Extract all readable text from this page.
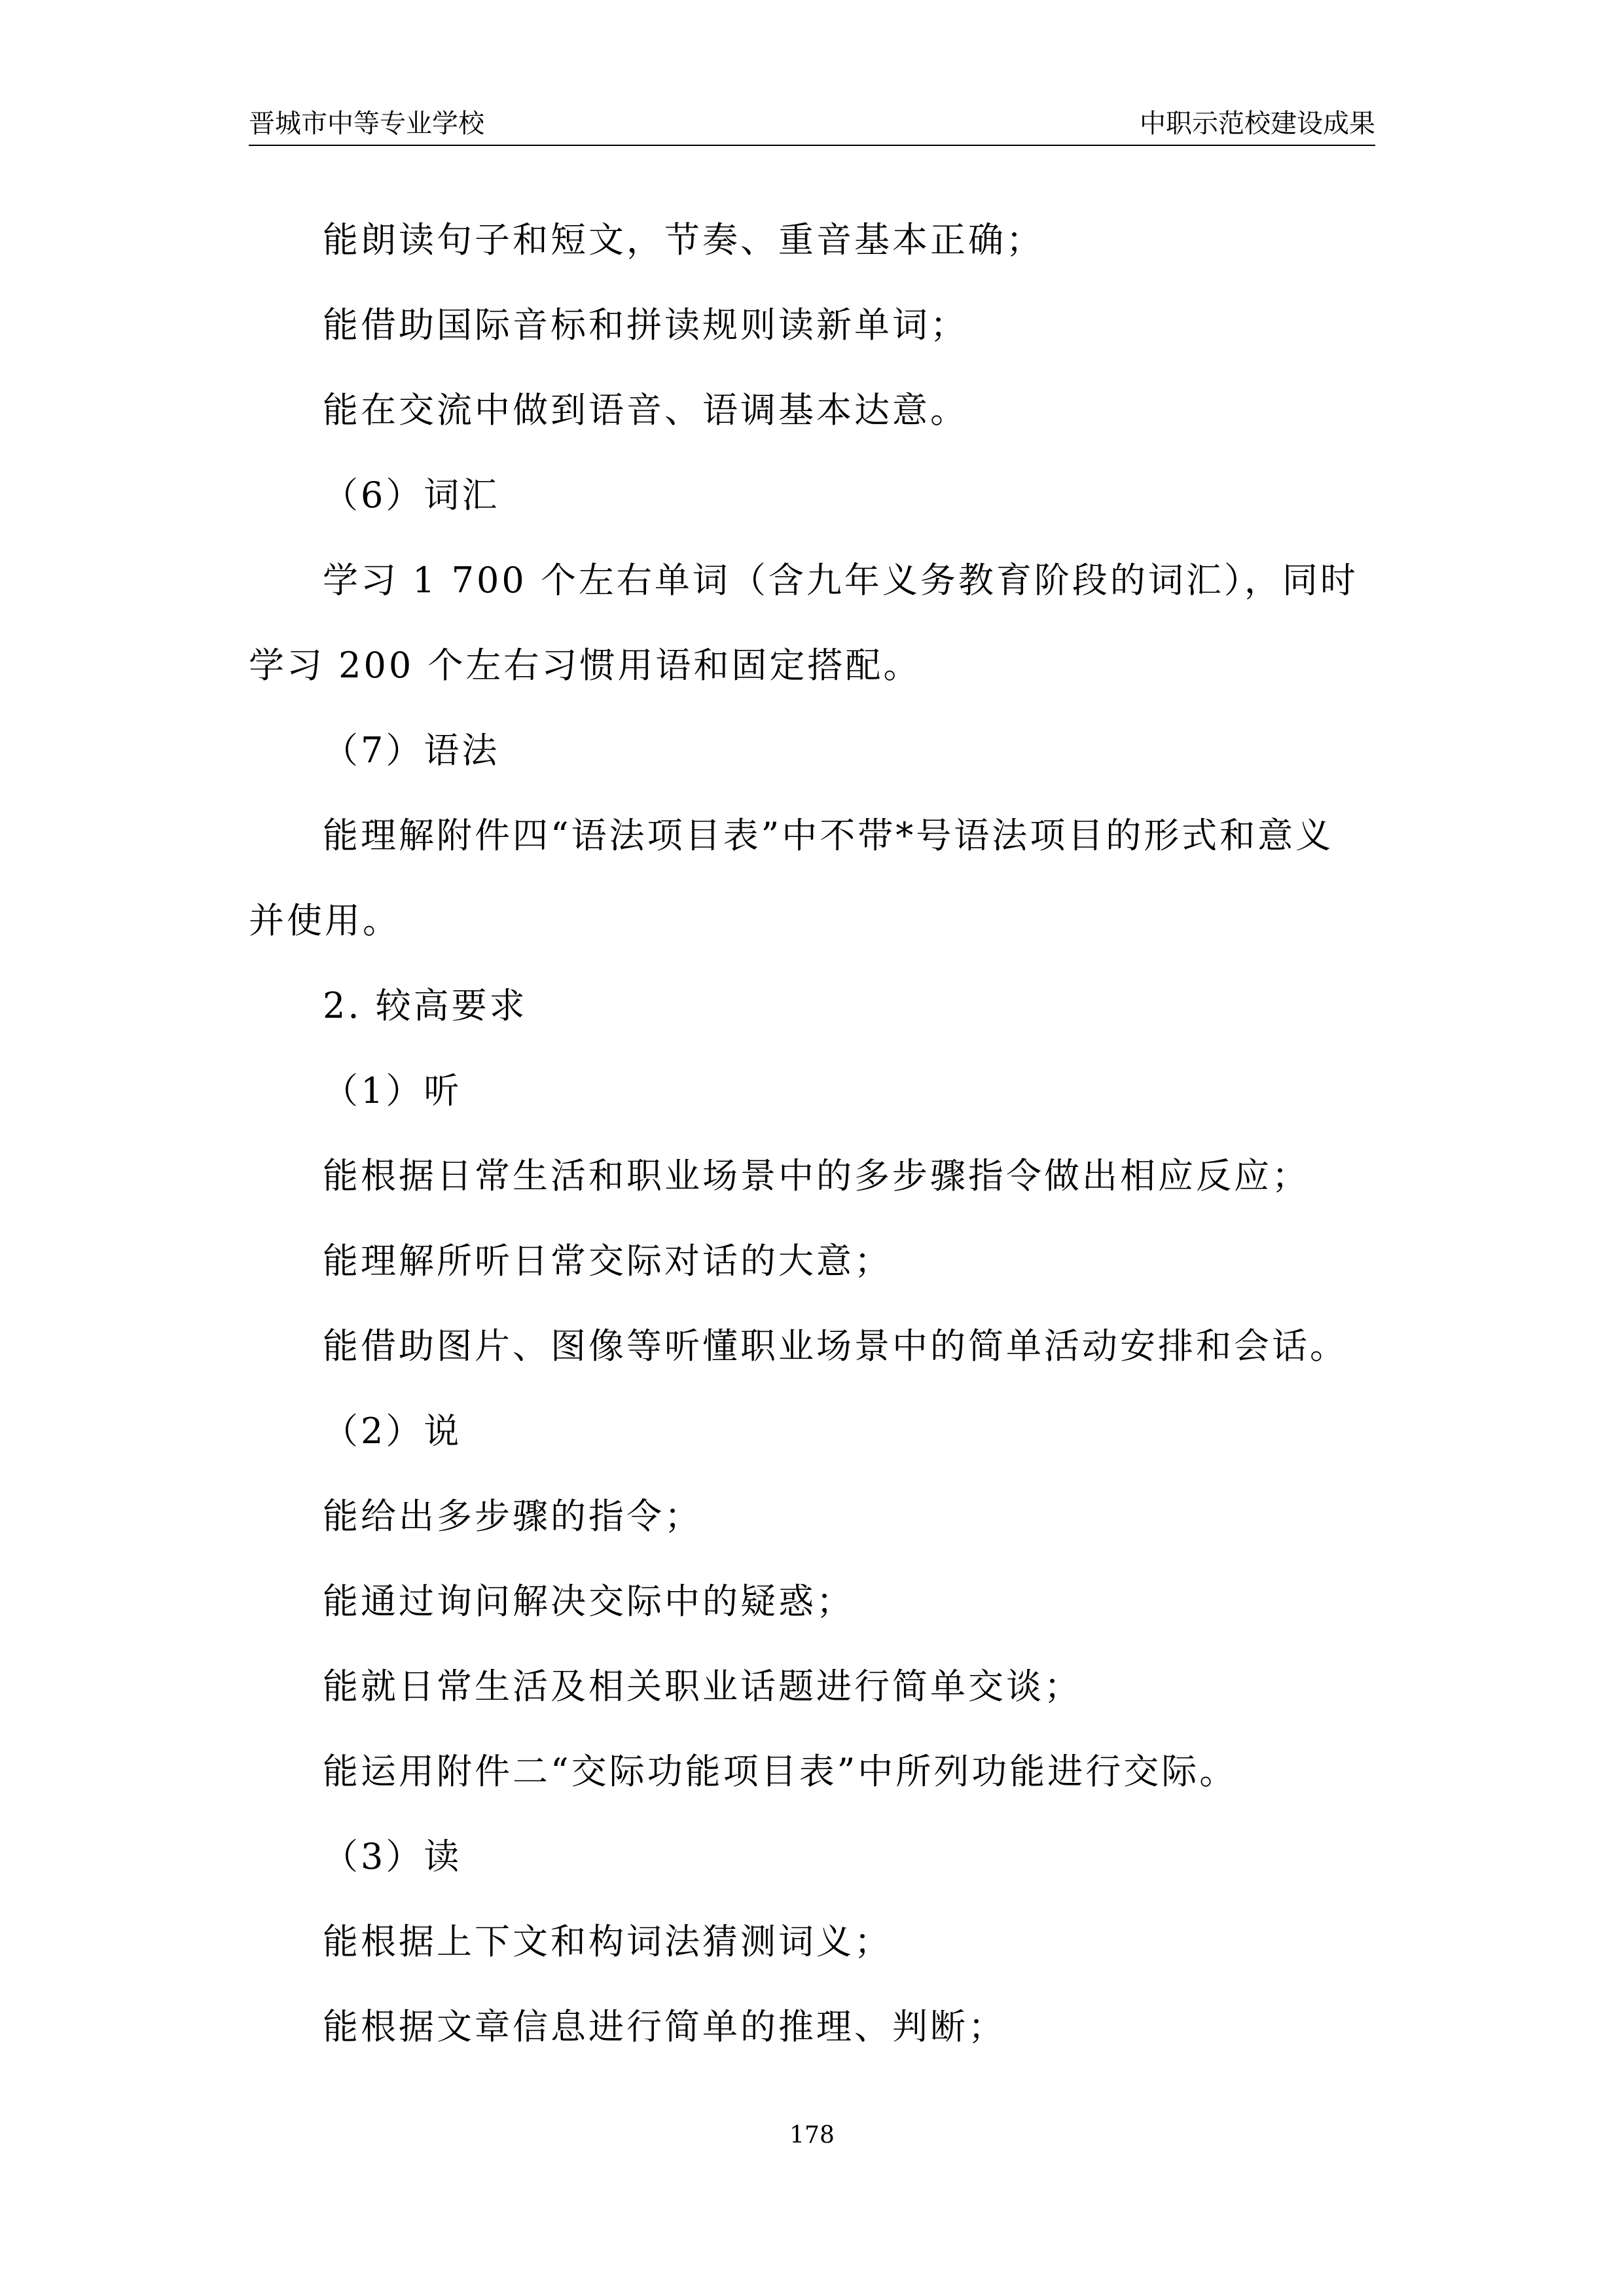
晋城市中等专业学校	中职示范校建设成果
能朗读句子和短文，节奏、重音基本正确；
能借助国际音标和拼读规则读新单词；
能在交流中做到语音、语调基本达意。
（6）词汇
学习 1 700 个左右单词（含九年义务教育阶段的词汇），同时
学习 200 个左右习惯用语和固定搭配。
（7）语法
能理解附件四“语法项目表”中不带*号语法项目的形式和意义
并使用。
2. 较高要求
（1）听
能根据日常生活和职业场景中的多步骤指令做出相应反应；
能理解所听日常交际对话的大意；
能借助图片、图像等听懂职业场景中的简单活动安排和会话。
（2）说
能给出多步骤的指令；
能通过询问解决交际中的疑惑；
能就日常生活及相关职业话题进行简单交谈；
能运用附件二“交际功能项目表”中所列功能进行交际。
（3）读
能根据上下文和构词法猜测词义；
能根据文章信息进行简单的推理、判断；
178
